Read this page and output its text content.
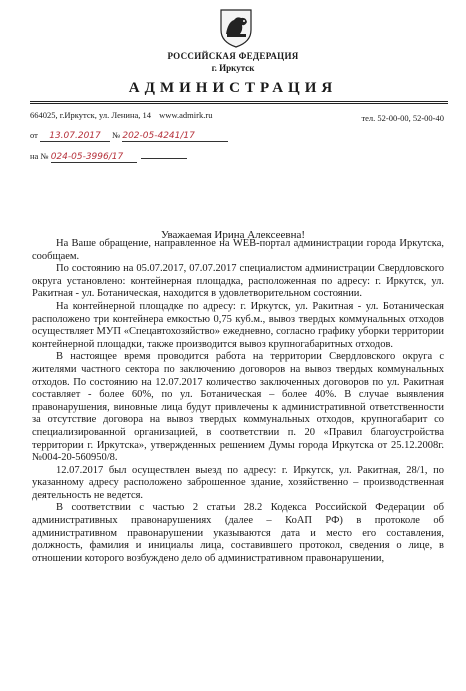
РОССИЙСКАЯ ФЕДЕРАЦИЯ
г. Иркутск
АДМИНИСТРАЦИЯ
664025, г.Иркутск, ул. Ленина, 14 www.admirk.ru	тел. 52-00-00, 52-00-40
от 13.07.2017 № 202-05-4241/17
на № 024-05-3996/17
Уважаемая Ирина Алексеевна!

На Ваше обращение, направленное на WEB-портал администрации города Иркутска, сообщаем.

По состоянию на 05.07.2017, 07.07.2017 специалистом администрации Свердловского округа установлено: контейнерная площадка, расположенная по адресу: г. Иркутск, ул. Ракитная - ул. Ботаническая, находится в удовлетворительном состоянии.

На контейнерной площадке по адресу: г. Иркутск, ул. Ракитная - ул. Ботаническая расположено три контейнера емкостью 0,75 куб.м., вывоз твердых коммунальных отходов осуществляет МУП «Спецавтохозяйство» ежедневно, согласно графику уборки территории контейнерной площадки, также производится вывоз крупногабаритных отходов.

В настоящее время проводится работа на территории Свердловского округа с жителями частного сектора по заключению договоров на вывоз твердых коммунальных отходов. По состоянию на 12.07.2017 количество заключенных договоров по ул. Ракитная составляет - более 60%, по ул. Ботаническая – более 40%. В случае выявления правонарушения, виновные лица будут привлечены к административной ответственности за отсутствие договора на вывоз твердых коммунальных отходов, крупногабарит со специализированной организацией, в соответствии п. 20 «Правил благоустройства территории г. Иркутска», утвержденных решением Думы города Иркутска от 25.12.2008г. №004-20-560950/8.

12.07.2017 был осуществлен выезд по адресу: г. Иркутск, ул. Ракитная, 28/1, по указанному адресу расположено заброшенное здание, хозяйственно – производственная деятельность не ведется.

В соответствии с частью 2 статьи 28.2 Кодекса Российской Федерации об административных правонарушениях (далее – КоАП РФ) в протоколе об административном правонарушении указываются дата и место его составления, должность, фамилия и инициалы лица, составившего протокол, сведения о лице, в отношении которого возбуждено дело об административном правонарушении,
